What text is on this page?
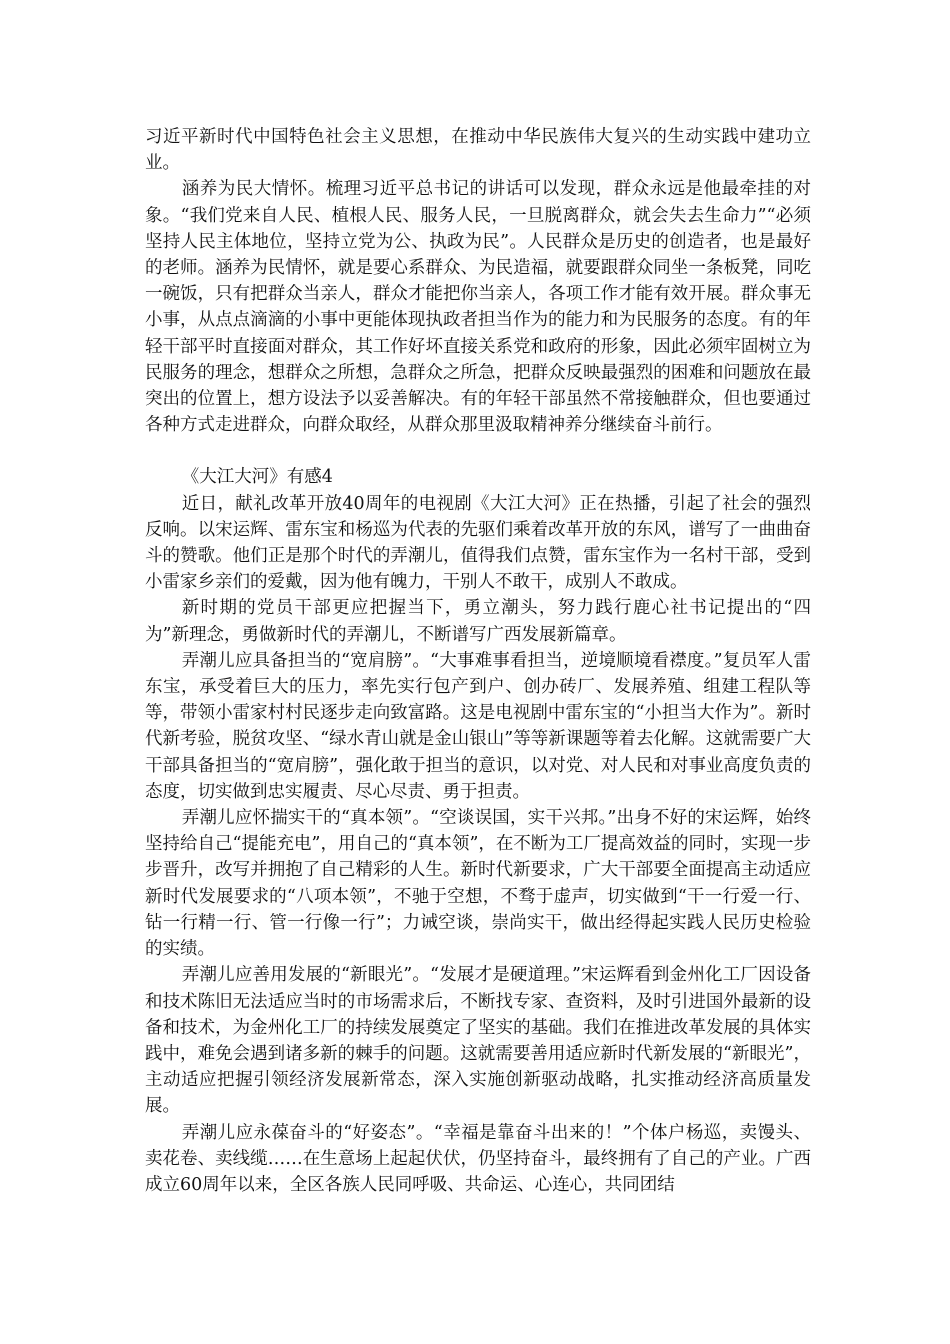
习近平新时代中国特色社会主义思想，在推动中华民族伟大复兴的生动实践中建功立业。

涵养为民大情怀。梳理习近平总书记的讲话可以发现，群众永远是他最牵挂的对象。“我们党来自人民、植根人民、服务人民，一旦脱离群众，就会失去生命力”“必须坚持人民主体地位，坚持立党为公、执政为民”。人民群众是历史的创造者，也是最好的老师。涵养为民情怀，就是要心系群众、为民造福，就要跟群众同坐一条板凳，同吃一碗饭，只有把群众当亲人，群众才能把你当亲人，各项工作才能有效开展。群众事无小事，从点点滴滴的小事中更能体现执政者担当作为的能力和为民服务的态度。有的年轻干部平时直接面对群众，其工作好坏直接关系党和政府的形象，因此必须牢固树立为民服务的理念，想群众之所想，急群众之所急，把群众反映最强烈的困难和问题放在最突出的位置上，想方设法予以妥善解决。有的年轻干部虽然不常接触群众，但也要通过各种方式走进群众，向群众取经，从群众那里汲取精神养分继续奋斗前行。

《大江大河》有感4

近日，献礼改革开放40周年的电视剧《大江大河》正在热播，引起了社会的强烈反响。以宋运辉、雷东宝和杨巡为代表的先驱们乘着改革开放的东风，谱写了一曲曲奋斗的赞歌。他们正是那个时代的弄潮儿，值得我们点赞，雷东宝作为一名村干部，受到小雷家乡亲们的爱戴，因为他有魄力，干别人不敢干，成别人不敢成。

新时期的党员干部更应把握当下，勇立潮头，努力践行鹿心社书记提出的“四为”新理念，勇做新时代的弄潮儿，不断谱写广西发展新篇章。

弄潮儿应具备担当的“宽肩膀”。“大事难事看担当，逆境顺境看襟度。”复员军人雷东宝，承受着巨大的压力，率先实行包产到户、创办砖厂、发展养殖、组建工程队等等，带领小雷家村村民逐步走向致富路。这是电视剧中雷东宝的“小担当大作为”。新时代新考验，脱贫攻坚、“绿水青山就是金山银山”等等新课题等着去化解。这就需要广大干部具备担当的“宽肩膀”，强化敢于担当的意识，以对党、对人民和对事业高度负责的态度，切实做到忠实履责、尽心尽责、勇于担责。

弄潮儿应怀揣实干的“真本领”。“空谈误国，实干兴邦。”出身不好的宋运辉，始终坚持给自己“提能充电”，用自己的“真本领”，在不断为工厂提高效益的同时，实现一步步晋升，改写并拥抱了自己精彩的人生。新时代新要求，广大干部要全面提高主动适应新时代发展要求的“八项本领”，不驰于空想，不骛于虚声，切实做到“干一行爱一行、钻一行精一行、管一行像一行”；力诫空谈，崇尚实干，做出经得起实践人民历史检验的实绩。

弄潮儿应善用发展的“新眼光”。“发展才是硬道理。”宋运辉看到金州化工厂因设备和技术陈旧无法适应当时的市场需求后，不断找专家、查资料，及时引进国外最新的设备和技术，为金州化工厂的持续发展奠定了坚实的基础。我们在推进改革发展的具体实践中，难免会遇到诸多新的棘手的问题。这就需要善用适应新时代新发展的“新眼光”，主动适应把握引领经济发展新常态，深入实施创新驱动战略，扎实推动经济高质量发展。

弄潮儿应永葆奋斗的“好姿态”。“幸福是靠奋斗出来的！”个体户杨巡，卖馒头、卖花卷、卖线缆……在生意场上起起伏伏，仍坚持奋斗，最终拥有了自己的产业。广西成立60周年以来，全区各族人民同呼吸、共命运、心连心，共同团结
